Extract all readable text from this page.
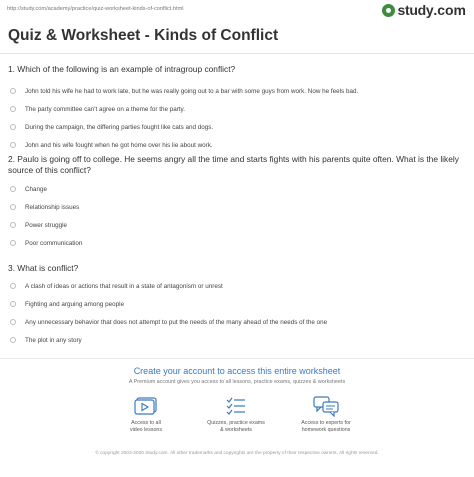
http://study.com/academy/practice/quiz-worksheet-kinds-of-conflict.html	study .com
Quiz & Worksheet - Kinds of Conflict
1. Which of the following is an example of intragroup conflict?
John told his wife he had to work late, but he was really going out to a bar with some guys from work. Now he feels bad.
The party committee can't agree on a theme for the party.
During the campaign, the differing parties fought like cats and dogs.
John and his wife fought when he got home over his lie about work.
2. Paulo is going off to college. He seems angry all the time and starts fights with his parents quite often. What is the likely source of this conflict?
Change
Relationship issues
Power struggle
Poor communication
3. What is conflict?
A clash of ideas or actions that result in a state of antagonism or unrest
Fighting and arguing among people
Any unnecessary behavior that does not attempt to put the needs of the many ahead of the needs of the one
The plot in any story
Create your account to access this entire worksheet
A Premium account gives you access to all lessons, practice exams, quizzes & worksheets
Access to all
video lessons
Quizzes, practice exams
& worksheets
Access to experts for
homework questions
© copyright 2003-2020 Study.com. All other trademarks and copyrights are the property of their respective owners. All rights reserved.
